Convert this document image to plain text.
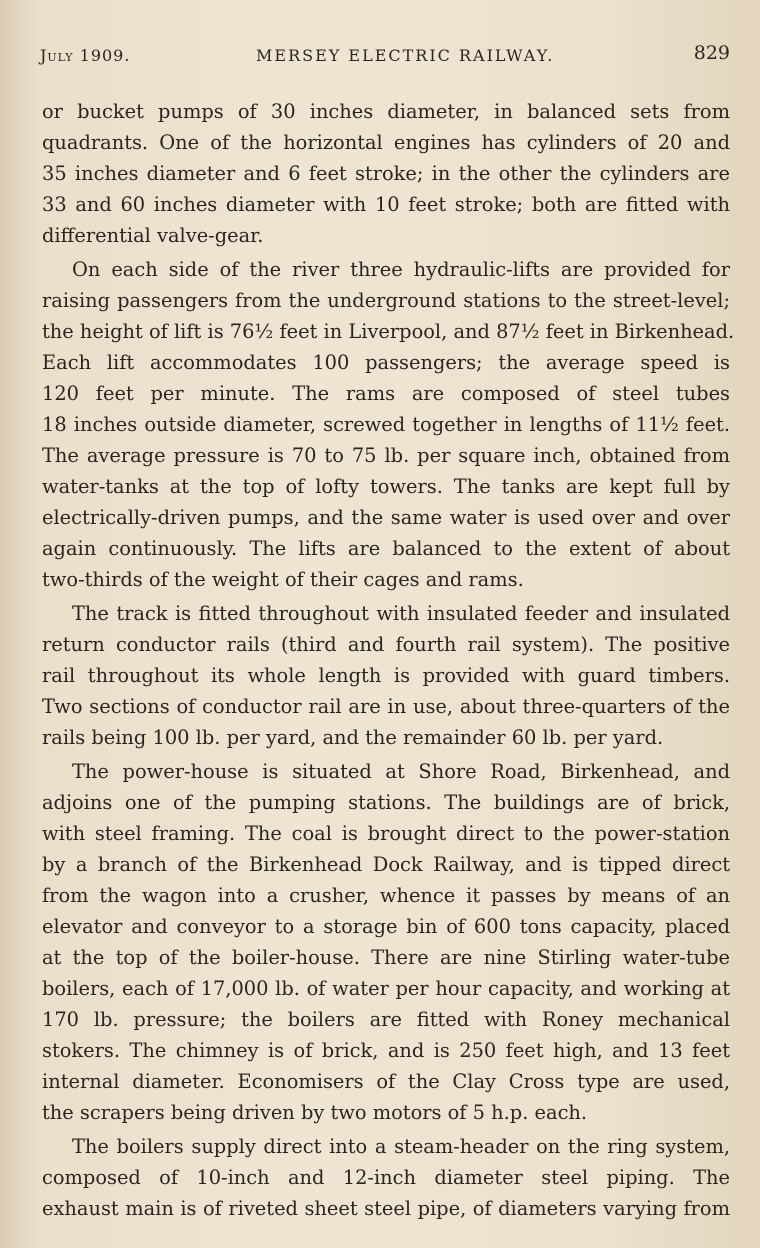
July 1909.	MERSEY ELECTRIC RAILWAY.	829

or bucket pumps of 30 inches diameter, in balanced sets from
quadrants. One of the horizontal engines has cylinders of 20 and
35 inches diameter and 6 feet stroke; in the other the cylinders are
33 and 60 inches diameter with 10 feet stroke; both are fitted with
differential valve-gear.

On each side of the river three hydraulic-lifts are provided for
raising passengers from the underground stations to the street-level;
the height of lift is 76½ feet in Liverpool, and 87½ feet in Birkenhead.
Each lift accommodates 100 passengers; the average speed is
120 feet per minute. The rams are composed of steel tubes
18 inches outside diameter, screwed together in lengths of 11½ feet.
The average pressure is 70 to 75 lb. per square inch, obtained from
water-tanks at the top of lofty towers. The tanks are kept full by
electrically-driven pumps, and the same water is used over and over
again continuously. The lifts are balanced to the extent of about
two-thirds of the weight of their cages and rams.

The track is fitted throughout with insulated feeder and insulated
return conductor rails (third and fourth rail system). The positive
rail throughout its whole length is provided with guard timbers.
Two sections of conductor rail are in use, about three-quarters of the
rails being 100 lb. per yard, and the remainder 60 lb. per yard.

The power-house is situated at Shore Road, Birkenhead, and
adjoins one of the pumping stations. The buildings are of brick,
with steel framing. The coal is brought direct to the power-station
by a branch of the Birkenhead Dock Railway, and is tipped direct
from the wagon into a crusher, whence it passes by means of an
elevator and conveyor to a storage bin of 600 tons capacity, placed
at the top of the boiler-house. There are nine Stirling water-tube
boilers, each of 17,000 lb. of water per hour capacity, and working at
170 lb. pressure; the boilers are fitted with Roney mechanical
stokers. The chimney is of brick, and is 250 feet high, and 13 feet
internal diameter. Economisers of the Clay Cross type are used,
the scrapers being driven by two motors of 5 h.p. each.

The boilers supply direct into a steam-header on the ring system,
composed of 10-inch and 12-inch diameter steel piping. The
exhaust main is of riveted sheet steel pipe, of diameters varying from
